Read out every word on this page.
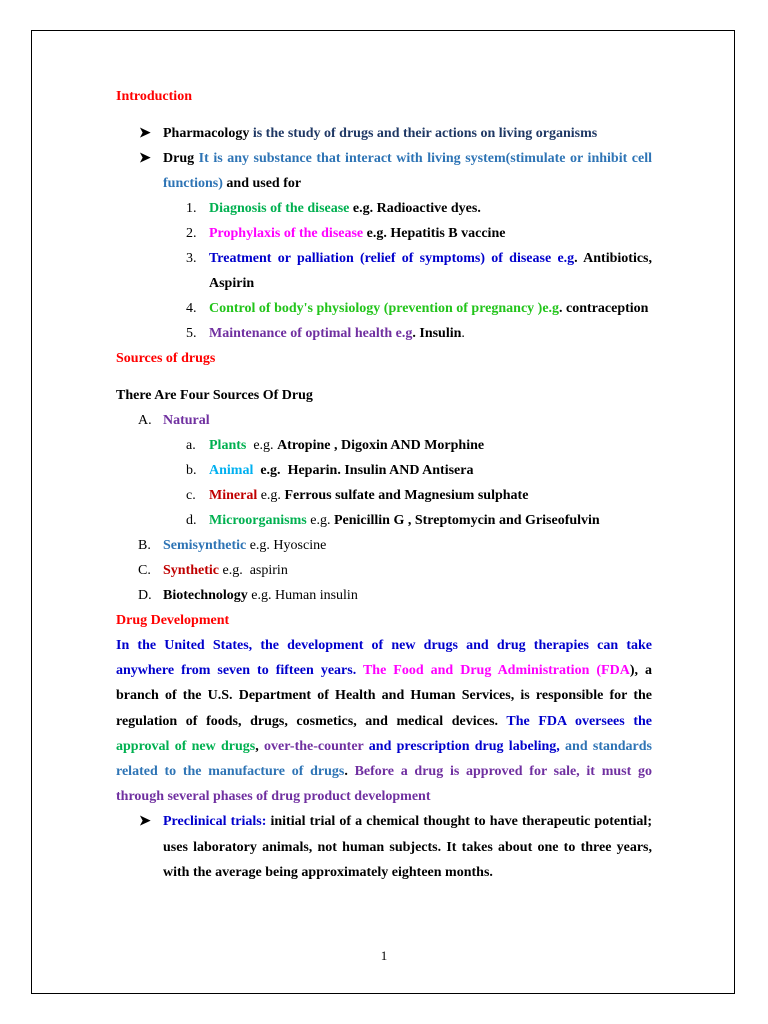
Introduction

➤ Pharmacology is the study of drugs and their actions on living organisms
➤ Drug It is any substance that interact with living system(stimulate or inhibit cell functions) and used for
1. Diagnosis of the disease e.g. Radioactive dyes.
2. Prophylaxis of the disease e.g. Hepatitis B vaccine
3. Treatment or palliation (relief of symptoms) of disease e.g. Antibiotics, Aspirin
4. Control of body's physiology (prevention of pregnancy )e.g. contraception
5. Maintenance of optimal health e.g. Insulin.

Sources of drugs

There Are Four Sources Of Drug

A. Natural
a. Plants  e.g. Atropine , Digoxin AND Morphine
b. Animal  e.g.  Heparin. Insulin AND Antisera
c. Mineral e.g. Ferrous sulfate and Magnesium sulphate
d. Microorganisms e.g. Penicillin G , Streptomycin and Griseofulvin
B. Semisynthetic e.g. Hyoscine
C. Synthetic e.g.  aspirin
D. Biotechnology e.g. Human insulin

Drug Development

In the United States, the development of new drugs and drug therapies can take anywhere from seven to fifteen years. The Food and Drug Administration (FDA), a branch of the U.S. Department of Health and Human Services, is responsible for the regulation of foods, drugs, cosmetics, and medical devices. The FDA oversees the approval of new drugs, over-the-counter and prescription drug labeling, and standards related to the manufacture of drugs. Before a drug is approved for sale, it must go through several phases of drug product development

➤ Preclinical trials: initial trial of a chemical thought to have therapeutic potential; uses laboratory animals, not human subjects. It takes about one to three years, with the average being approximately eighteen months.
1
